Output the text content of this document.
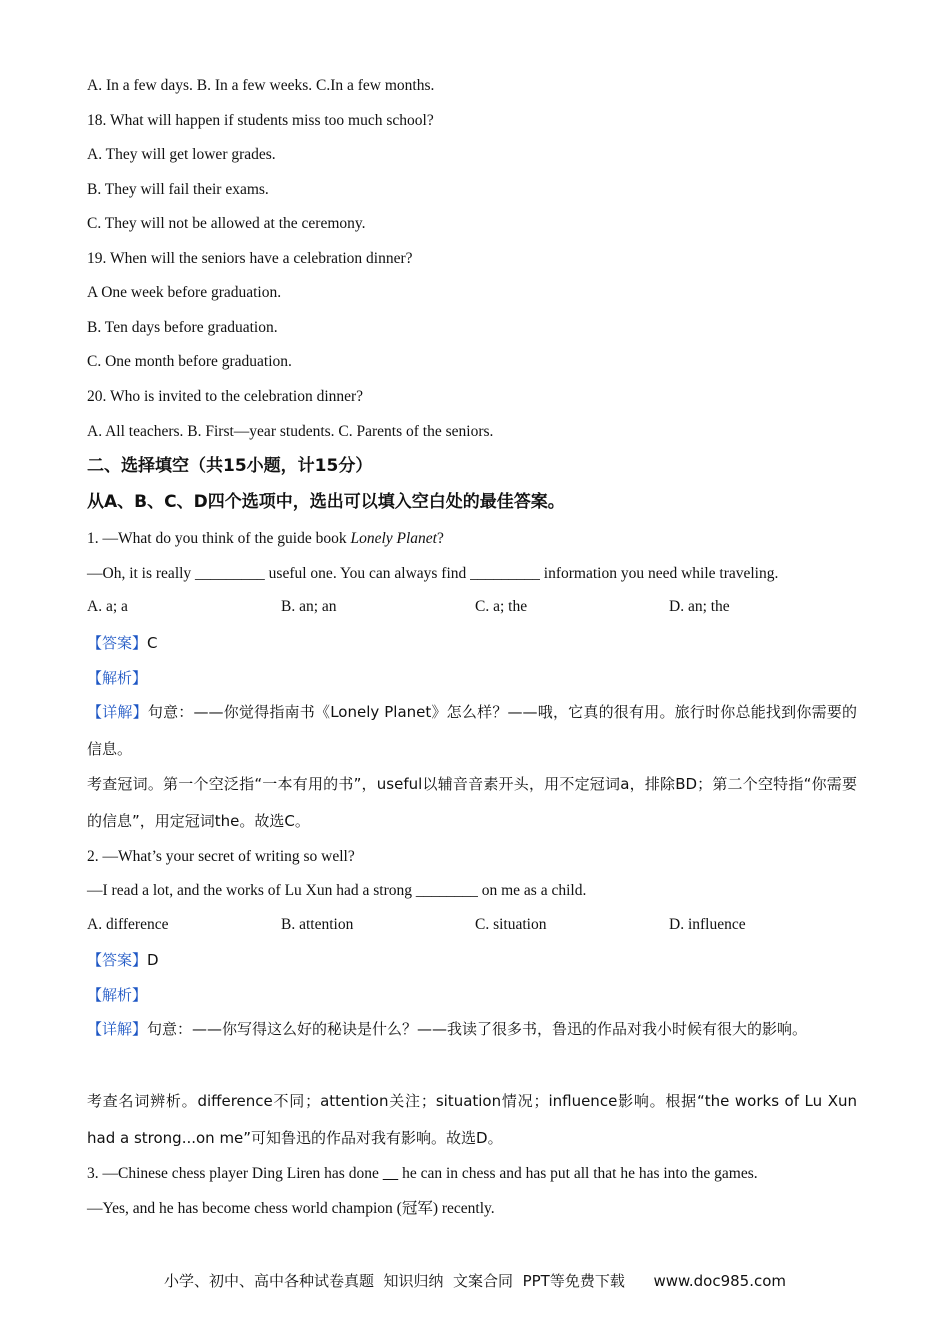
A. In a few days. B. In a few weeks. C.In a few months.
18. What will happen if students miss too much school?
A. They will get lower grades.
B. They will fail their exams.
C. They will not be allowed at the ceremony.
19. When will the seniors have a celebration dinner?
A One week before graduation.
B. Ten days before graduation.
C. One month before graduation.
20. Who is invited to the celebration dinner?
A. All teachers. B. First—year students. C. Parents of the seniors.
二、选择填空（共15小题，计15分）
从A、B、C、D四个选项中，选出可以填入空白处的最佳答案。
1. —What do you think of the guide book Lonely Planet?
—Oh, it is really _________ useful one. You can always find _________ information you need while traveling.
A. a; a	B. an; an	C. a; the	D. an; the
【答案】C
【解析】
【详解】句意：——你觉得指南书《Lonely Planet》怎么样？——哦，它真的很有用。旅行时你总能找到你需要的信息。
考查冠词。第一个空泛指“一本有用的书”，useful以辅音音素开头，用不定冠词a，排除BD；第二个空特指“你需要的信息”，用定冠词the。故选C。
2. —What’s your secret of writing so well?
—I read a lot, and the works of Lu Xun had a strong ________ on me as a child.
A. difference	B. attention	C. situation	D. influence
【答案】D
【解析】
【详解】句意：——你写得这么好的秘诀是什么？——我读了很多书，鲁迅的作品对我小时候有很大的影响。
考查名词辨析。difference不同；attention关注；situation情况；influence影响。根据“the works of Lu Xun had a strong...on me”可知鲁迅的作品对我有影响。故选D。
3. —Chinese chess player Ding Liren has done      he can in chess and has put all that he has into the games.
—Yes, and he has become chess world champion (冠军) recently.
小学、初中、高中各种试卷真题  知识归纳  文案合同  PPT等免费下载      www.doc985.com
